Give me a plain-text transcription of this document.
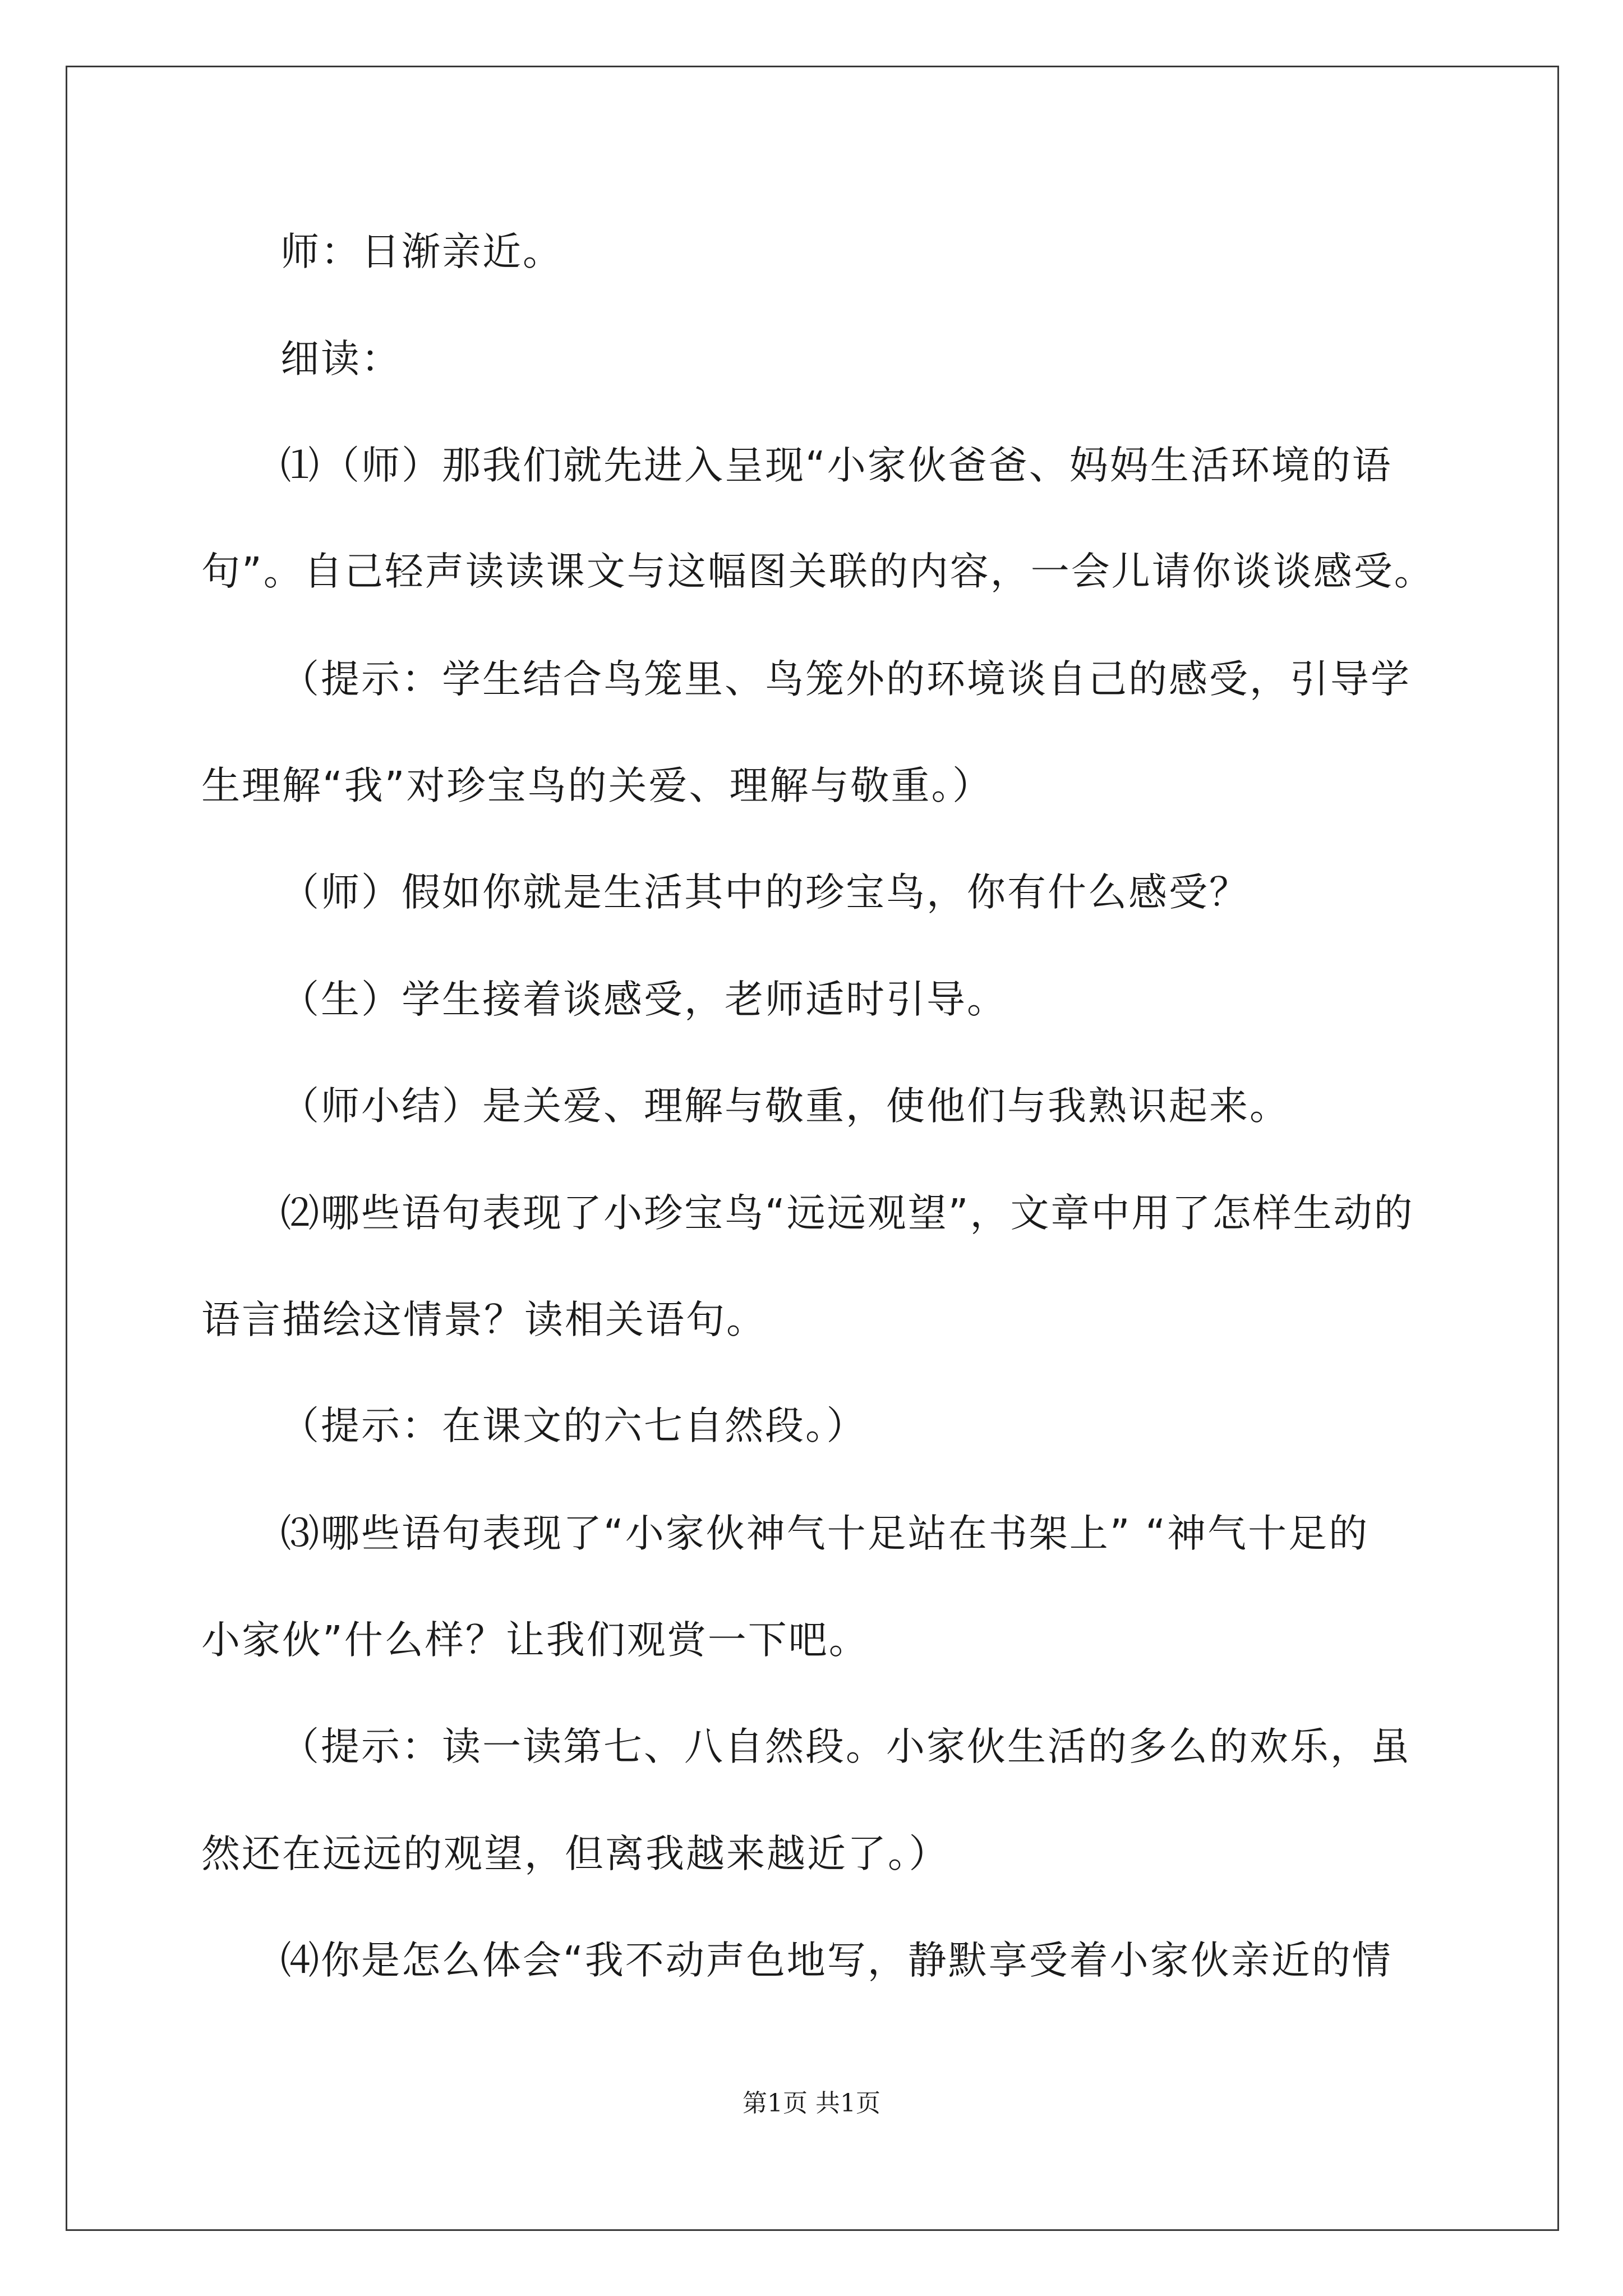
师：日渐亲近。
细读：
⑴（师）那我们就先进入呈现“小家伙爸爸、妈妈生活环境的语
句”。自己轻声读读课文与这幅图关联的内容，一会儿请你谈谈感受。
（提示：学生结合鸟笼里、鸟笼外的环境谈自己的感受，引导学
生理解“我”对珍宝鸟的关爱、理解与敬重。）
（师）假如你就是生活其中的珍宝鸟，你有什么感受？
（生）学生接着谈感受，老师适时引导。
（师小结）是关爱、理解与敬重，使他们与我熟识起来。
⑵哪些语句表现了小珍宝鸟“远远观望”，文章中用了怎样生动的
语言描绘这情景？读相关语句。
（提示：在课文的六七自然段。）
⑶哪些语句表现了“小家伙神气十足站在书架上” “神气十足的
小家伙”什么样？让我们观赏一下吧。
（提示：读一读第七、八自然段。小家伙生活的多么的欢乐，虽
然还在远远的观望，但离我越来越近了。）
⑷你是怎么体会“我不动声色地写，静默享受着小家伙亲近的情
第1页 共1页
